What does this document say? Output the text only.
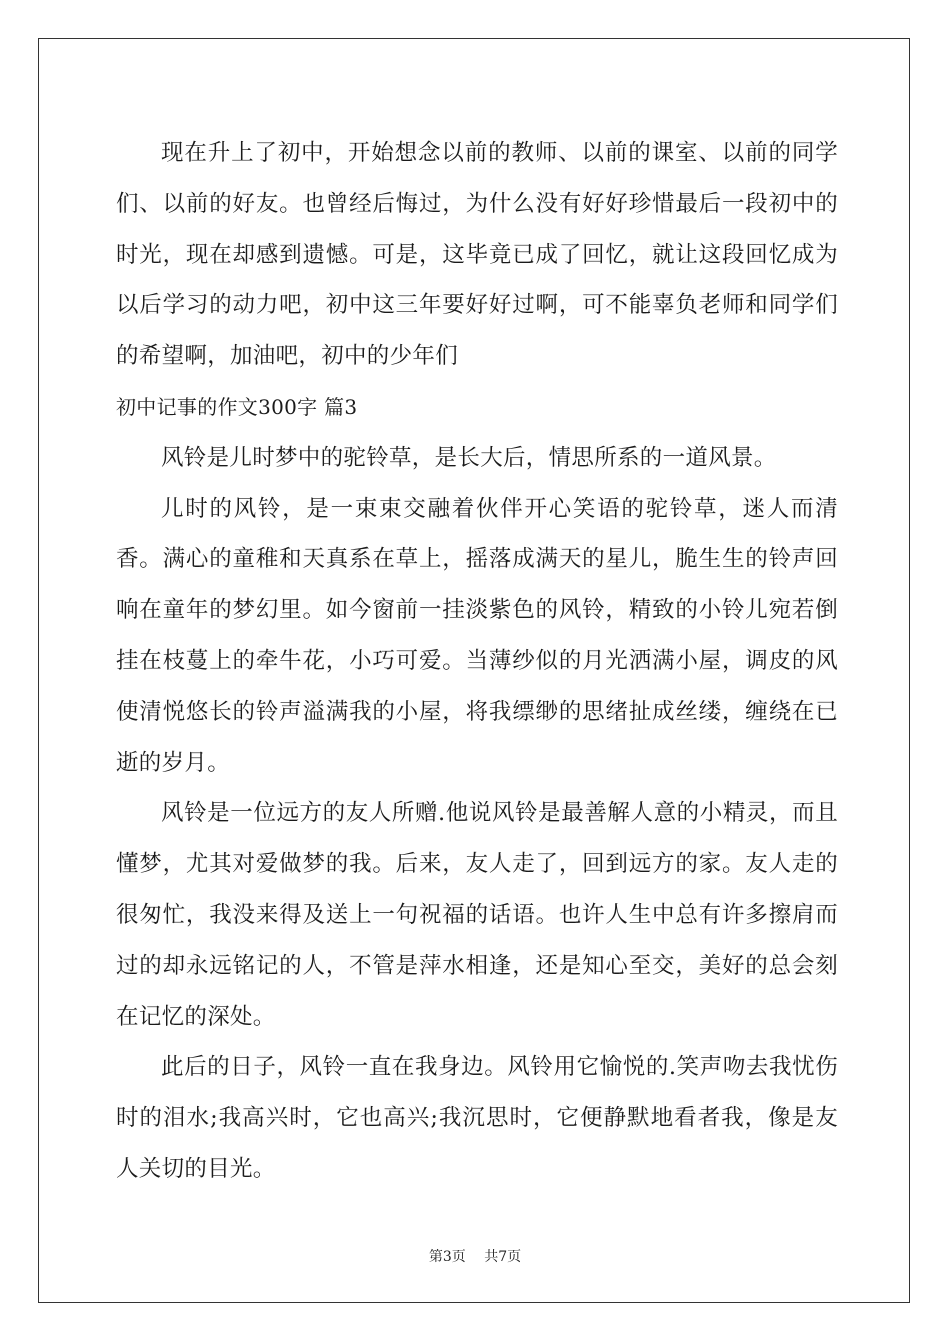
现在升上了初中，开始想念以前的教师、以前的课室、以前的同学们、以前的好友。也曾经后悔过，为什么没有好好珍惜最后一段初中的时光，现在却感到遗憾。可是，这毕竟已成了回忆，就让这段回忆成为以后学习的动力吧，初中这三年要好好过啊，可不能辜负老师和同学们的希望啊，加油吧，初中的少年们

初中记事的作文300字 篇3

风铃是儿时梦中的驼铃草，是长大后，情思所系的一道风景。

儿时的风铃，是一束束交融着伙伴开心笑语的驼铃草，迷人而清香。满心的童稚和天真系在草上，摇落成满天的星儿，脆生生的铃声回响在童年的梦幻里。如今窗前一挂淡紫色的风铃，精致的小铃儿宛若倒挂在枝蔓上的牵牛花，小巧可爱。当薄纱似的月光洒满小屋，调皮的风使清悦悠长的铃声溢满我的小屋，将我缥缈的思绪扯成丝缕，缠绕在已逝的岁月。

风铃是一位远方的友人所赠.他说风铃是最善解人意的小精灵，而且懂梦，尤其对爱做梦的我。后来，友人走了，回到远方的家。友人走的很匆忙，我没来得及送上一句祝福的话语。也许人生中总有许多擦肩而过的却永远铭记的人，不管是萍水相逢，还是知心至交，美好的总会刻在记忆的深处。

此后的日子，风铃一直在我身边。风铃用它愉悦的.笑声吻去我忧伤时的泪水;我高兴时，它也高兴;我沉思时，它便静默地看者我，像是友人关切的目光。

第3页 共7页
